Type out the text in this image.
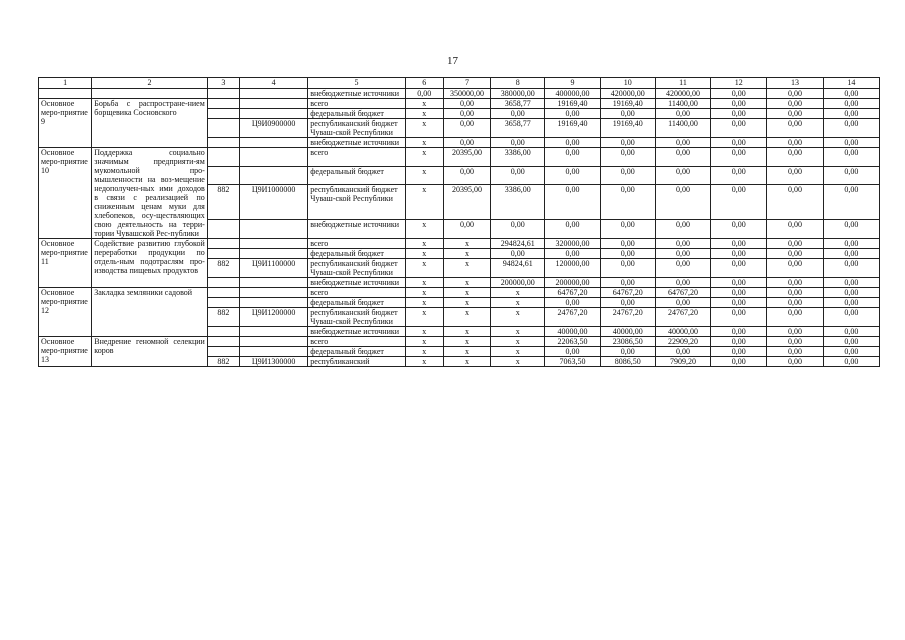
17
1	2	3	4	5	6	7	8	9	10	11	12	13	14
				внебюджетные источники	0,00	350000,00	380000,00	400000,00	420000,00	420000,00	0,00	0,00	0,00
Основное меро-приятие 9	Борьба с распростране-нием борщевика Сосновского			всего	x	0,00	3658,77	19169,40	19169,40	11400,00	0,00	0,00	0,00
				федеральный бюджет	x	0,00	0,00	0,00	0,00	0,00	0,00	0,00	0,00
			Ц9И0900000	республиканский бюджет Чуваш-ской Республики	x	0,00	3658,77	19169,40	19169,40	11400,00	0,00	0,00	0,00
				внебюджетные источники	x	0,00	0,00	0,00	0,00	0,00	0,00	0,00	0,00
Основное меро-приятие 10	Поддержка социально значимым предприяти-ям мукомольной про-мышленности на воз-мещение недополучен-ных ими доходов в связи с реализацией по сниженным ценам муки для хлебопеков, осу-ществляющих свою деятельность на терри-тории Чувашской Рес-публики			всего	x	20395,00	3386,00	0,00	0,00	0,00	0,00	0,00	0,00
				федеральный бюджет	x	0,00	0,00	0,00	0,00	0,00	0,00	0,00	0,00
		882	Ц9И1000000	республиканский бюджет Чуваш-ской Республики	x	20395,00	3386,00	0,00	0,00	0,00	0,00	0,00	0,00
				внебюджетные источники	x	0,00	0,00	0,00	0,00	0,00	0,00	0,00	0,00
Основное меро-приятие 11	Содействие развитию глубокой переработки продукции по отдель-ным подотраслям про-изводства пищевых продуктов			всего	x	x	294824,61	320000,00	0,00	0,00	0,00	0,00	0,00
				федеральный бюджет	x	x	0,00	0,00	0,00	0,00	0,00	0,00	0,00
		882	Ц9И1100000	республиканский бюджет Чуваш-ской Республики	x	x	94824,61	120000,00	0,00	0,00	0,00	0,00	0,00
				внебюджетные источники	x	x	200000,00	200000,00	0,00	0,00	0,00	0,00	0,00
Основное меро-приятие 12	Закладка земляники садовой			всего	x	x	x	64767,20	64767,20	64767,20	0,00	0,00	0,00
				федеральный бюджет	x	x	x	0,00	0,00	0,00	0,00	0,00	0,00
		882	Ц9И1200000	республиканский бюджет Чуваш-ской Республики	x	x	x	24767,20	24767,20	24767,20	0,00	0,00	0,00
				внебюджетные источники	x	x	x	40000,00	40000,00	40000,00	0,00	0,00	0,00
Основное меро-приятие 13	Внедрение геномной селекции коров			всего	x	x	x	22063,50	23086,50	22909,20	0,00	0,00	0,00
				федеральный бюджет	x	x	x	0,00	0,00	0,00	0,00	0,00	0,00
		882	Ц9И1300000	республиканский	x	x	x	7063,50	8086,50	7909,20	0,00	0,00	0,00
